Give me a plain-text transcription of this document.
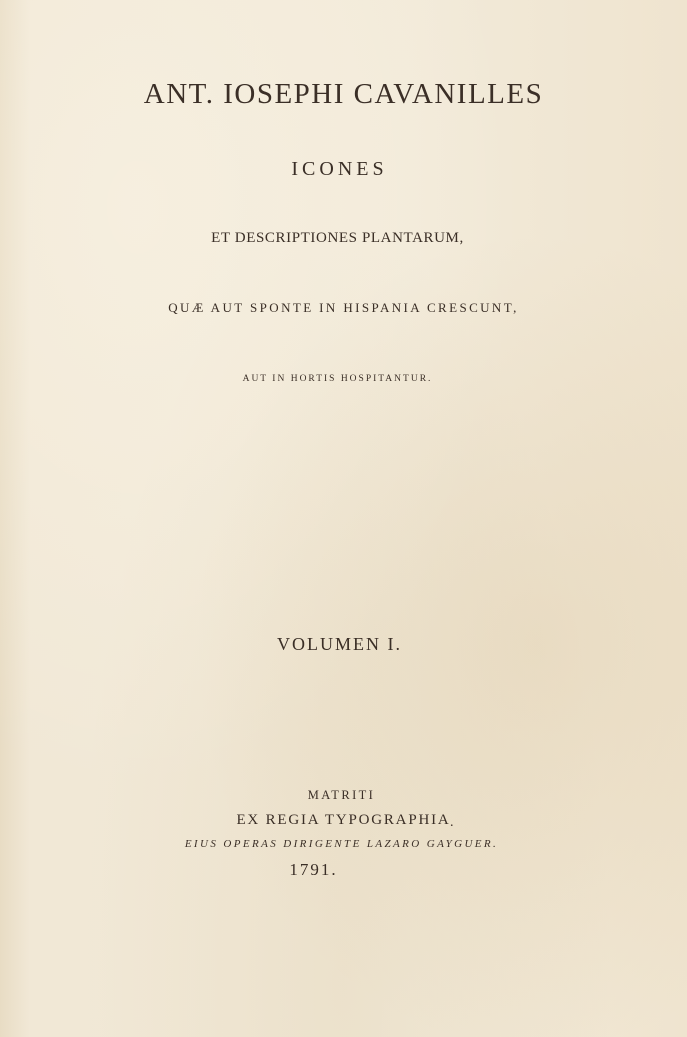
ANT. IOSEPHI CAVANILLES
ICONES
ET DESCRIPTIONES PLANTARUM,
QUÆ AUT SPONTE IN HISPANIA CRESCUNT,
AUT IN HORTIS HOSPITANTUR.
VOLUMEN I.
MATRITI
EX REGIA TYPOGRAPHIA .
EIUS OPERAS DIRIGENTE LAZARO GAYGUER.
1791.
